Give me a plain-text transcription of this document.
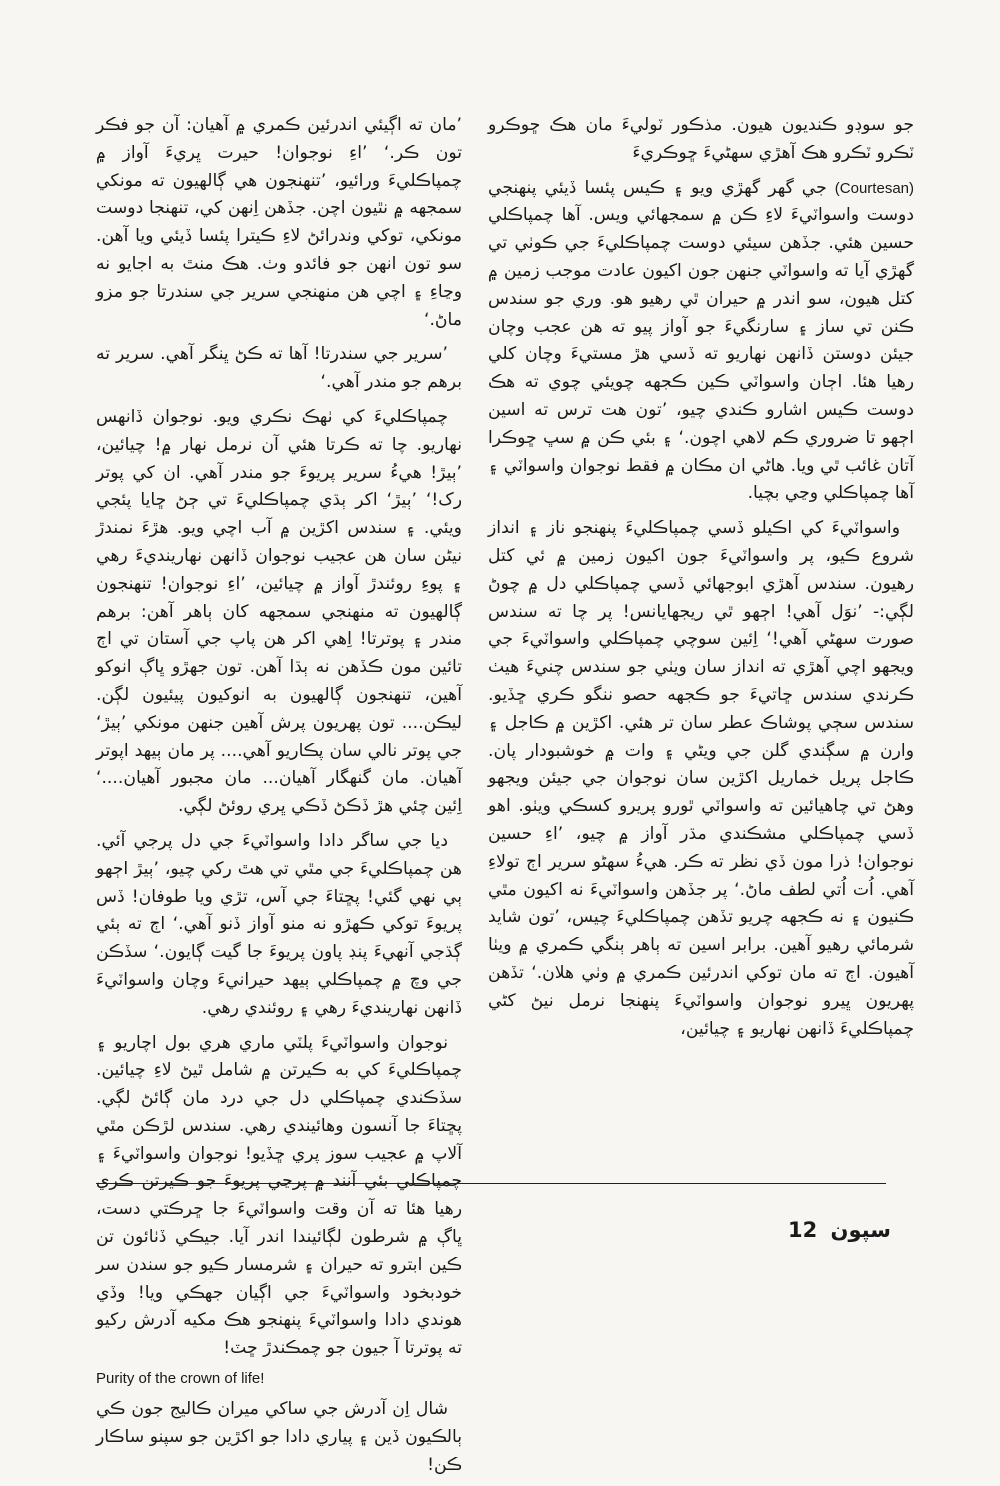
جو سوڊو ڪنديون هيون. مذڪور ٽوليءَ مان هڪ ڇوڪرو ٽڪرو ٽڪرو هڪ آهڙي سهڻيءَ ڇوڪريءَ

(Courtesan) جي گهر گهڙي ويو ۽ ڪيس پئسا ڏيئي پنهنجي دوست واسواٽيءَ لاءِ ڪن ۾ سمجهائي ويس. آها چمپاڪلي حسين هئي. جڏهن سيئي دوست چمپاڪليءَ جي ڪوٺي تي گهڙي آيا ته واسواٽي جنهن جون اکيون عادت موجب زمين ۾ کتل هيون، سو اندر ۾ حيران ٿي رهيو هو. وري جو سندس ڪنن تي ساز ۽ سارنگيءَ جو آواز پيو ته هن عجب وچان جيئن دوستن ڏانهن نهاريو ته ڏسي هڙ مستيءَ وچان کلي رهيا هئا. اڄان واسواٽي ڪين ڪجهه چويئي چوي ته هڪ دوست ڪيس اشارو ڪندي چيو، ’تون هت ترس ته اسين اڄهو تا ضروري ڪم لاهي اچون.‘ ۽ بئي ڪن ۾ سڀ ڇوڪرا آتان غائب ٿي ويا. هاڻي ان مڪان ۾ فقط نوجوان واسواٽي ۽ آها چمپاڪلي وڃي بچيا.

واسواٽيءَ کي اڪيلو ڏسي چمپاڪليءَ پنهنجو ناز ۽ انداز شروع ڪيو، پر واسواٽيءَ جون اکيون زمين ۾ ئي کتل رهيون. سندس آهڙي ابوجهائي ڏسي چمپاڪلي دل ۾ چوڻ لڳي:- ’نوَل آهي! اڄهو ٿي ريجهايانس! پر چا ته سندس صورت سهڻي آهي!‘ اِئين سوچي چمپاڪلي واسواٽيءَ جي ويجهو اچي آهڙي ته انداز سان ويٺي جو سندس چنيءَ هيٺ ڪرندي سندس ڇاتيءَ جو ڪجهه حصو ننگو ڪري ڇڏيو. سندس سڄي پوشاڪ عطر سان تر هئي. اکڙين ۾ ڪاجل ۽ وارن ۾ سڳندي گلن جي ويڻي ۽ وات ۾ خوشبودار پان. ڪاجل پريل خماريل اکڙين سان نوجوان جي جيئن ويجهو وهڻ تي چاهيائين ته واسواٽي ٿورو پريرو کسڪي ويٺو. اهو ڏسي چمپاڪلي مشڪندي مڌر آواز ۾ چيو، ’اءِ حسين نوجوان! ذرا مون ڏي نظر ته ڪر. هيءُ سهڻو سرير اڄ تولاءِ آهي. اُت اُتي لطف ماڻ.‘ پر جڏهن واسواٽيءَ نه اکيون مٿي ڪنيون ۽ نه ڪجهه چريو تڏهن چمپاڪليءَ چيس، ’تون شايد شرمائي رهيو آهين. برابر اسين ته ٻاهر ٻنگي ڪمري ۾ ويٺا آهيون. اڄ ته مان توکي اندرئين ڪمري ۾ وٺي هلان.‘ تڏهن پهريون ڀيرو نوجوان واسواٽيءَ پنهنجا نرمل نيڻ کڻي چمپاڪليءَ ڏانهن نهاريو ۽ چيائين،

’مان ته اڳيئي اندرئين ڪمري ۾ آهيان: آن جو فڪر تون ڪر.‘ ’اءِ نوجوان! حيرت ڀريءَ آواز ۾ چمپاڪليءَ ورائيو، ’تنهنجون هي ڳالهيون ته مونکي سمجهه ۾ نٿيون اچن. جڏهن اِنهن کي، تنهنجا دوست مونکي، توکي وندرائڻ لاءِ ڪيترا پئسا ڏيئي ويا آهن. سو تون انهن جو فائدو وٺ. هڪ منٿ به اجايو نه وڃاءِ ۽ اچي هن منهنجي سرير جي سندرتا جو مزو ماڻ.‘

’سرير جي سندرتا! آها ته ڪڻ ڀنگر آهي. سرير ته برهم جو مندر آهي.‘

چمپاڪليءَ کي ٺهڪ نڪري ويو. نوجوان ڏانهس نهاريو. چا ته ڪرتا هئي آن نرمل نهار ۾! چيائين، ’ٻيڙ! هيءُ سرير پريوءَ جو مندر آهي. ان کي پوتر رک!‘ ’ٻيڙ‘ اکر ٻڌي چمپاڪليءَ تي ڄڻ ڇايا پئجي ويئي. ۽ سندس اکڙين ۾ آب اچي ويو. هڙءَ نمندڙ نيڻن سان هن عجيب نوجوان ڏانهن نهارينديءَ رهي ۽ پوءِ روئندڙ آواز ۾ چيائين، ’اءِ نوجوان! تنهنجون ڳالهيون ته منهنجي سمجهه کان ٻاهر آهن: برهم مندر ۽ پوترتا! اِهي اکر هن پاپ جي آستان تي اڄ تائين مون ڪڏهن نه ٻڌا آهن. تون جهڙو ڀاڳ انوکو آهين، تنهنجون ڳالهيون به انوکيون پيئيون لڳن. ليڪن.... تون پهريون پرش آهين جنهن مونکي ’ٻيڙ‘ جي پوتر نالي سان پڪاريو آهي.... پر مان ٻيهد اپوتر آهيان. مان گنهگار آهيان... مان مجبور آهيان....‘ اِئين چئي هڙ ڏڪڻ ڏڪي ڀري روئڻ لڳي.

ديا جي ساگر دادا واسواٽيءَ جي دل پرجي آئي. هن چمپاڪليءَ جي مٿي تي هٿ رکي چيو، ’ٻيڙ اڄهو ٻي نهي گئي! پڇتاءَ جي آس، تڙي ويا طوفان! ڏس پريوءَ توکي ڪهڙو نه منو آواز ڏنو آهي.‘ اڄ ته ٻئي ڳڌجي آنهيءَ پنڊ پاون پريوءَ جا گيت ڳايون.‘ سڏڪن جي وچ ۾ چمپاڪلي ٻيهد حيرانيءَ وچان واسواٽيءَ ڏانهن نهارينديءَ رهي ۽ روئندي رهي.

نوجوان واسواٽيءَ پلٽي ماري هري بول اچاريو ۽ چمپاڪليءَ کي به ڪيرتن ۾ شامل ٿيڻ لاءِ چيائين. سڏڪندي چمپاڪلي دل جي درد مان ڳائڻ لڳي. پڇتاءَ جا آنسون وهائيندي رهي. سندس لڙڪن مٿي آلاپ ۾ عجيب سوز پري ڇڏيو! نوجوان واسواٽيءَ ۽ چمپاڪلي بئي آنند ۾ پرڃي پريوءَ جو ڪيرتن ڪري رهيا هئا ته آن وقت واسواٽيءَ جا ڇرڪتي دست، ڀاڳ ۾ شرطون لڳائيندا اندر آيا. جيڪي ڏٺائون تن ڪين ابترو ته حيران ۽ شرمسار ڪيو جو سندن سر خودبخود واسواٽيءَ جي اڳيان جهڪي ويا! وڏي هوندي دادا واسواٽيءَ پنهنجو هڪ مکيه آدرش رکيو ته پوترتا آ جيون جو چمڪندڙ ڇٽ!

Purity of the crown of life!

شال اِن آدرش جي ساکي ميران ڪاليج جون ڪي ٻالڪيون ڏين ۽ پياري دادا جو اکڙين جو سپنو ساڪار ڪن!

سپون 12
